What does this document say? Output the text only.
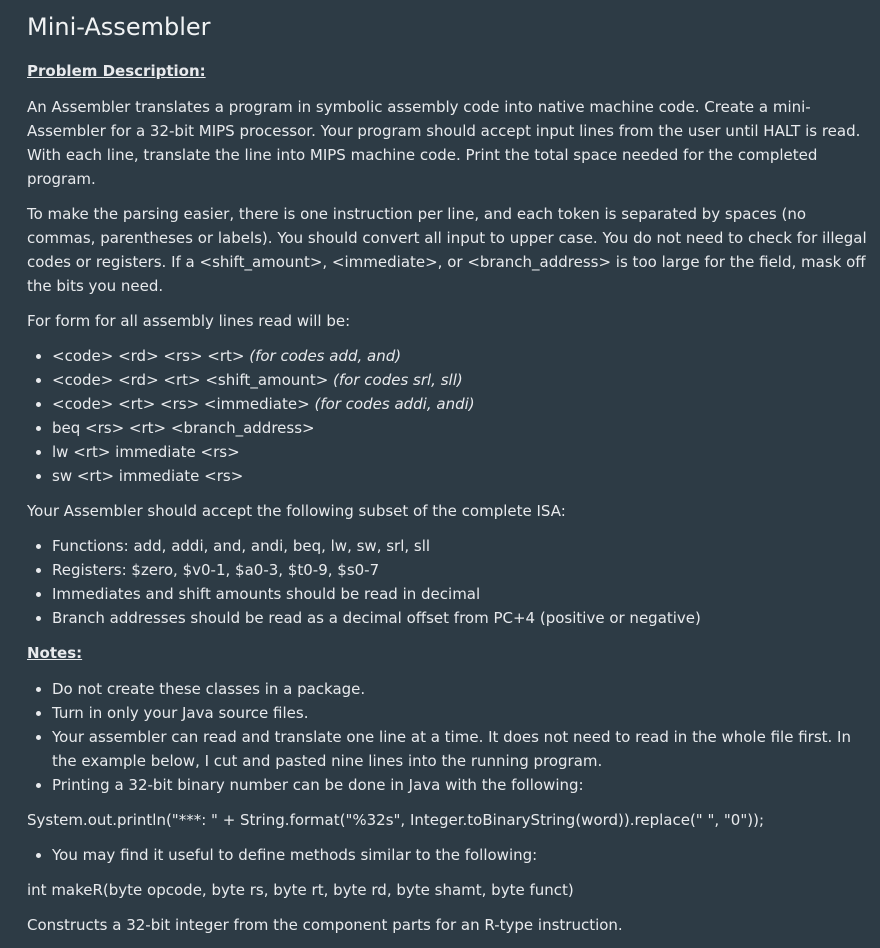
Mini-Assembler
Problem Description:

An Assembler translates a program in symbolic assembly code into native machine code. Create a mini-Assembler for a 32-bit MIPS processor. Your program should accept input lines from the user until HALT is read. With each line, translate the line into MIPS machine code. Print the total space needed for the completed program.

To make the parsing easier, there is one instruction per line, and each token is separated by spaces (no commas, parentheses or labels). You should convert all input to upper case. You do not need to check for illegal codes or registers. If a <shift_amount>, <immediate>, or <branch_address> is too large for the field, mask off the bits you need.

For form for all assembly lines read will be:

• <code> <rd> <rs> <rt> (for codes add, and)
• <code> <rd> <rt> <shift_amount> (for codes srl, sll)
• <code> <rt> <rs> <immediate> (for codes addi, andi)
• beq <rs> <rt> <branch_address>
• lw <rt> immediate <rs>
• sw <rt> immediate <rs>

Your Assembler should accept the following subset of the complete ISA:

• Functions: add, addi, and, andi, beq, lw, sw, srl, sll
• Registers: $zero, $v0-1, $a0-3, $t0-9, $s0-7
• Immediates and shift amounts should be read in decimal
• Branch addresses should be read as a decimal offset from PC+4 (positive or negative)
Notes:
• Do not create these classes in a package.
• Turn in only your Java source files.
• Your assembler can read and translate one line at a time. It does not need to read in the whole file first. In the example below, I cut and pasted nine lines into the running program.
• Printing a 32-bit binary number can be done in Java with the following:

System.out.println("***: " + String.format("%32s", Integer.toBinaryString(word)).replace(" ", "0"));

• You may find it useful to define methods similar to the following:

int makeR(byte opcode, byte rs, byte rt, byte rd, byte shamt, byte funct)

Constructs a 32-bit integer from the component parts for an R-type instruction.
